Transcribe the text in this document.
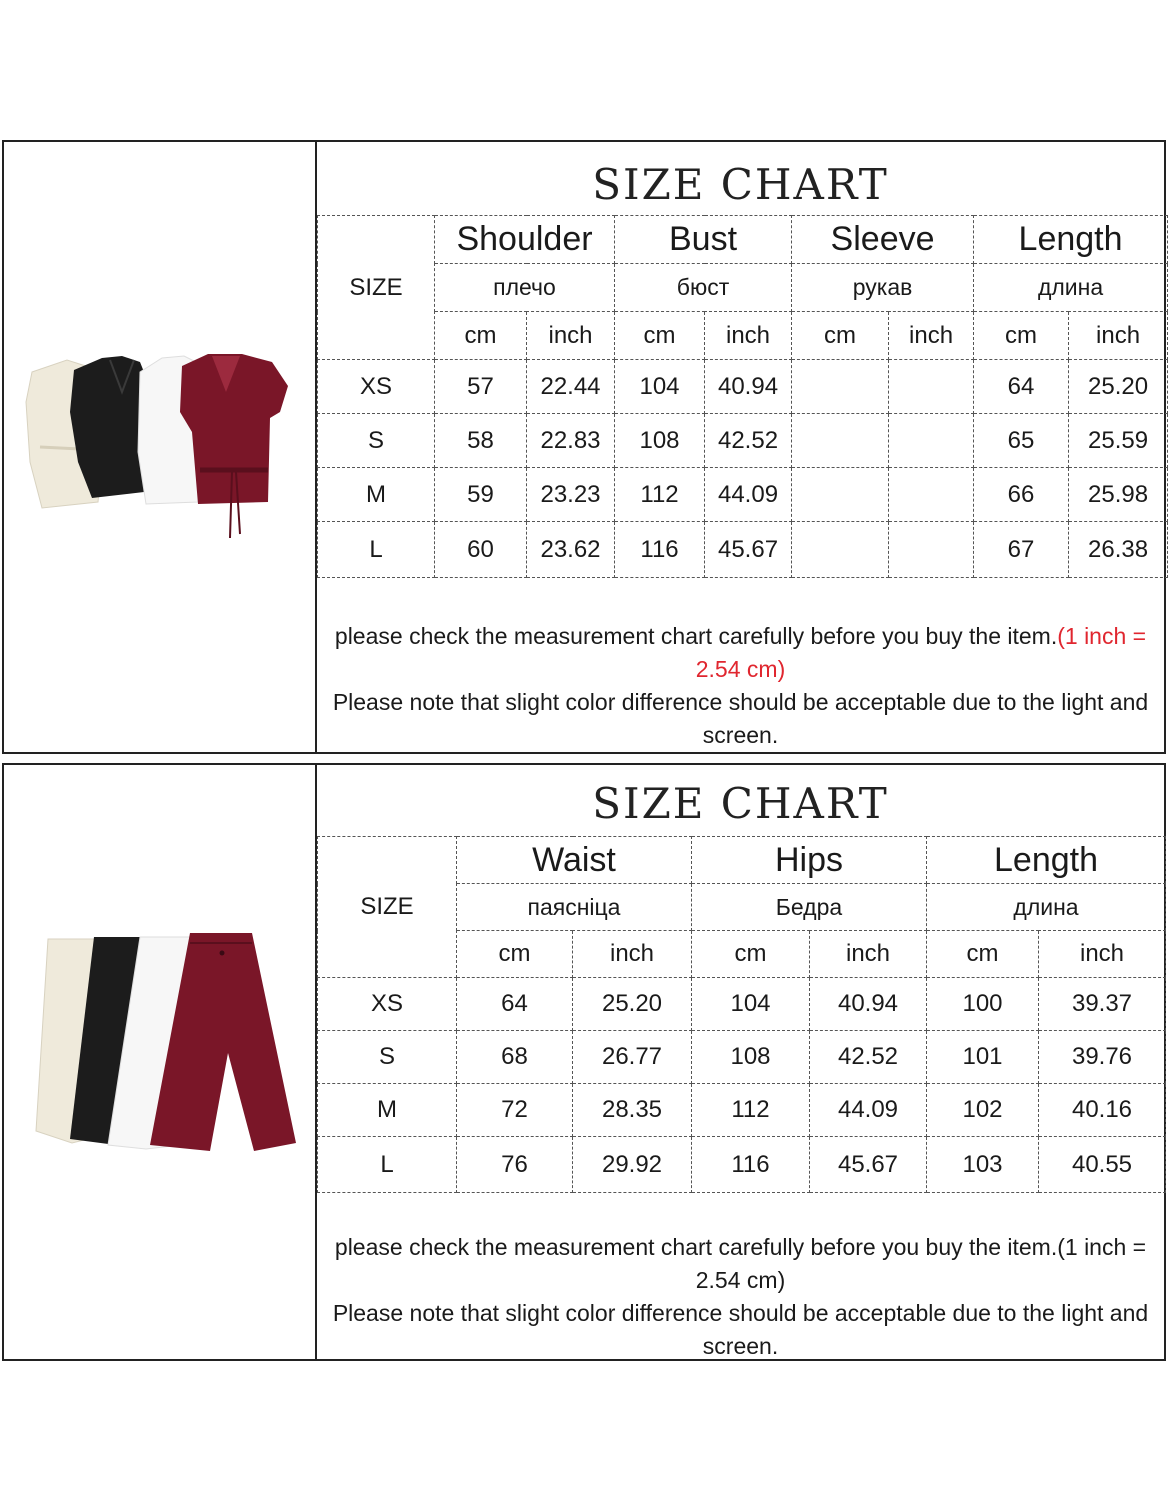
SIZE CHART
SIZE	Shoulder		Bust		Sleeve		Length	
	плечо		бюст		рукав		длина	
	cm	inch	cm	inch	cm	inch	cm	inch
XS	57	22.44	104	40.94			64	25.20
S	58	22.83	108	42.52			65	25.59
M	59	23.23	112	44.09			66	25.98
L	60	23.62	116	45.67			67	26.38
please check the measurement chart carefully before you buy the item.(1 inch = 2.54 cm)
Please note that slight color difference should be acceptable due to the light and screen.
SIZE CHART
SIZE	Waist		Hips		Length	
	паясніца		Бедра		длина	
	cm	inch	cm	inch	cm	inch
XS	64	25.20	104	40.94	100	39.37
S	68	26.77	108	42.52	101	39.76
M	72	28.35	112	44.09	102	40.16
L	76	29.92	116	45.67	103	40.55
please check the measurement chart carefully before you buy the item.(1 inch = 2.54 cm)
Please note that slight color difference should be acceptable due to the light and screen.
